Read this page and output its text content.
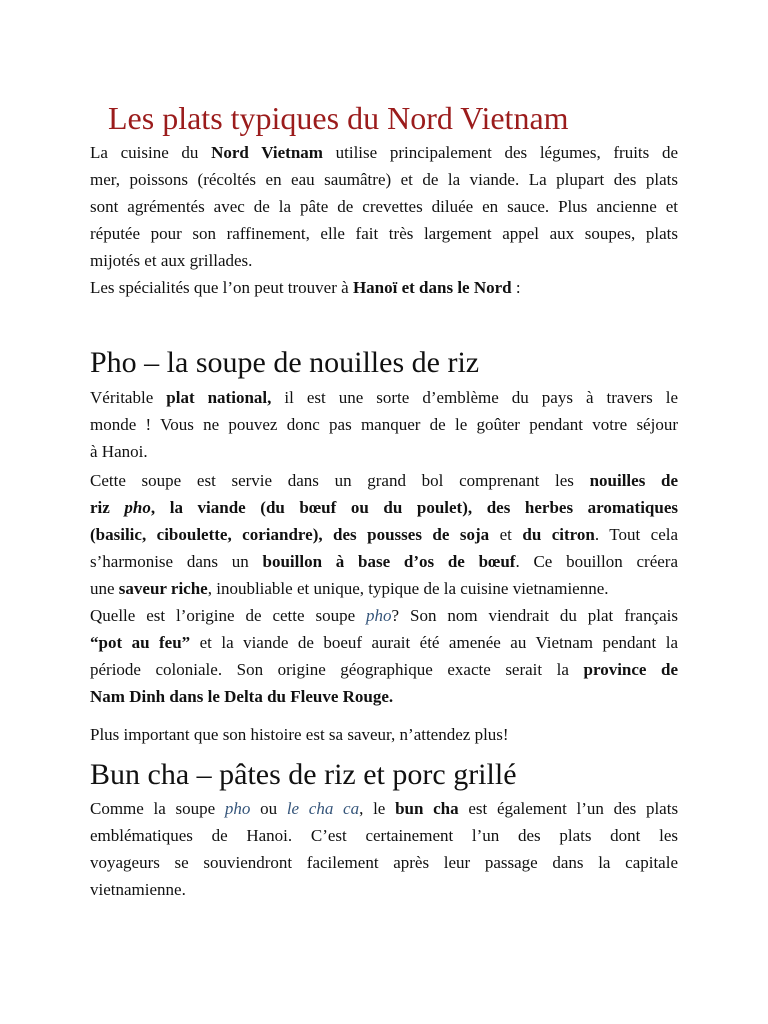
Les plats typiques du Nord Vietnam
La cuisine du Nord Vietnam utilise principalement des légumes, fruits de
mer, poissons (récoltés en eau saumâtre) et de la viande. La plupart des plats
sont agrémentés avec de la pâte de crevettes diluée en sauce. Plus ancienne et
réputée pour son raffinement, elle fait très largement appel aux soupes, plats
mijotés et aux grillades.
Les spécialités que l’on peut trouver à Hanoï et dans le Nord :
Pho – la soupe de nouilles de riz
Véritable plat national, il est une sorte d’emblème du pays à travers le
monde ! Vous ne pouvez donc pas manquer de le goûter pendant votre séjour
à Hanoi.
Cette soupe est servie dans un grand bol comprenant les nouilles de
riz pho, la viande (du bœuf ou du poulet), des herbes aromatiques
(basilic, ciboulette, coriandre), des pousses de soja et du citron. Tout cela
s’harmonise dans un bouillon à base d’os de bœuf. Ce bouillon créera
une saveur riche, inoubliable et unique, typique de la cuisine vietnamienne.
Quelle est l’origine de cette soupe pho? Son nom viendrait du plat français
“pot au feu” et la viande de boeuf aurait été amenée au Vietnam pendant la
période coloniale. Son origine géographique exacte serait la province de
Nam Dinh dans le Delta du Fleuve Rouge.
Plus important que son histoire est sa saveur, n’attendez plus!
Bun cha – pâtes de riz et porc grillé
Comme la soupe pho ou le cha ca, le bun cha est également l’un des plats
emblématiques de Hanoi. C’est certainement l’un des plats dont les
voyageurs se souviendront facilement après leur passage dans la capitale
vietnamienne.
